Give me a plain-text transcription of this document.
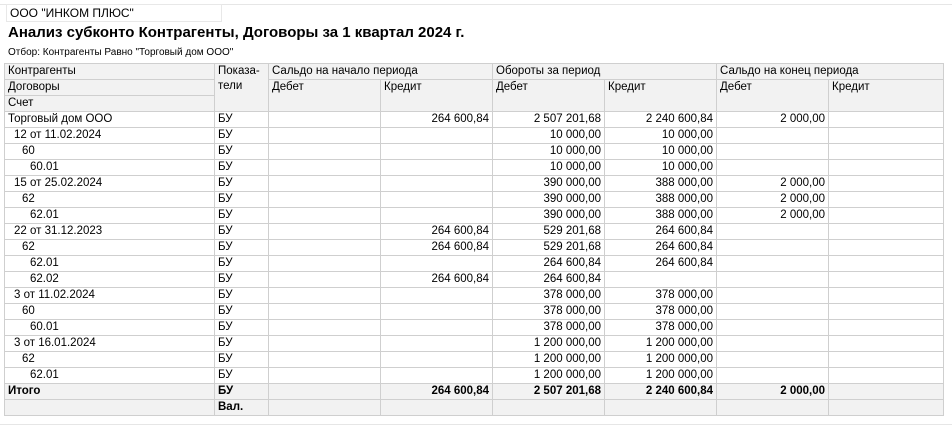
ООО "ИНКОМ ПЛЮС"
Анализ субконто Контрагенты, Договоры за 1 квартал 2024 г.
Отбор: Контрагенты Равно "Торговый дом ООО"
Контрагенты	Показа-
тели	Сальдо на начало периода		Обороты за период		Сальдо на конец периода	
Договоры		Дебет	Кредит	Дебет	Кредит	Дебет	Кредит
Счет							
Торговый дом ООО	БУ		264 600,84	2 507 201,68	2 240 600,84	2 000,00	
12 от 11.02.2024	БУ			10 000,00	10 000,00		
60	БУ			10 000,00	10 000,00		
60.01	БУ			10 000,00	10 000,00		
15 от 25.02.2024	БУ			390 000,00	388 000,00	2 000,00	
62	БУ			390 000,00	388 000,00	2 000,00	
62.01	БУ			390 000,00	388 000,00	2 000,00	
22 от 31.12.2023	БУ		264 600,84	529 201,68	264 600,84		
62	БУ		264 600,84	529 201,68	264 600,84		
62.01	БУ			264 600,84	264 600,84		
62.02	БУ		264 600,84	264 600,84			
3 от 11.02.2024	БУ			378 000,00	378 000,00		
60	БУ			378 000,00	378 000,00		
60.01	БУ			378 000,00	378 000,00		
3 от 16.01.2024	БУ			1 200 000,00	1 200 000,00		
62	БУ			1 200 000,00	1 200 000,00		
62.01	БУ			1 200 000,00	1 200 000,00		
Итого	БУ		264 600,84	2 507 201,68	2 240 600,84	2 000,00	
	Вал.						
